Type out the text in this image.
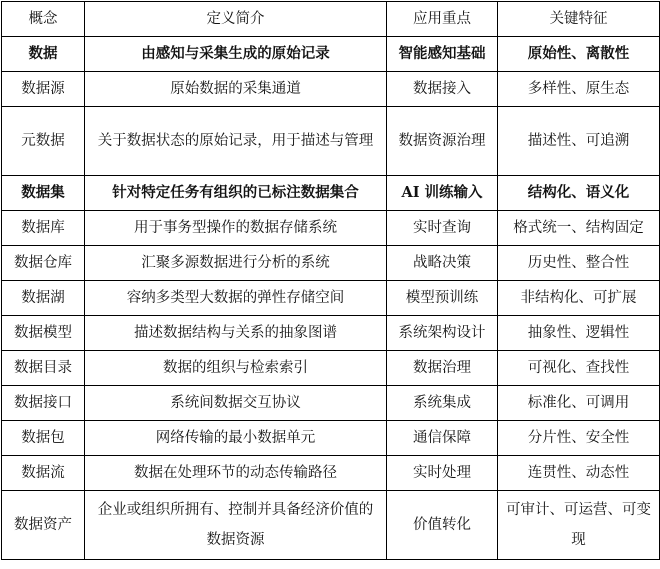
概念	定义简介	应用重点	关键特征
数据	由感知与采集生成的原始记录	智能感知基础	原始性、离散性
数据源	原始数据的采集通道	数据接入	多样性、原生态
元数据	关于数据状态的原始记录，用于描述与管理	数据资源治理	描述性、可追溯
数据集	针对特定任务有组织的已标注数据集合	AI 训练输入	结构化、语义化
数据库	用于事务型操作的数据存储系统	实时查询	格式统一、结构固定
数据仓库	汇聚多源数据进行分析的系统	战略决策	历史性、整合性
数据湖	容纳多类型大数据的弹性存储空间	模型预训练	非结构化、可扩展
数据模型	描述数据结构与关系的抽象图谱	系统架构设计	抽象性、逻辑性
数据目录	数据的组织与检索索引	数据治理	可视化、查找性
数据接口	系统间数据交互协议	系统集成	标准化、可调用
数据包	网络传输的最小数据单元	通信保障	分片性、安全性
数据流	数据在处理环节的动态传输路径	实时处理	连贯性、动态性
数据资产	企业或组织所拥有、控制并具备经济价值的数据资源	价值转化	可审计、可运营、可变现
